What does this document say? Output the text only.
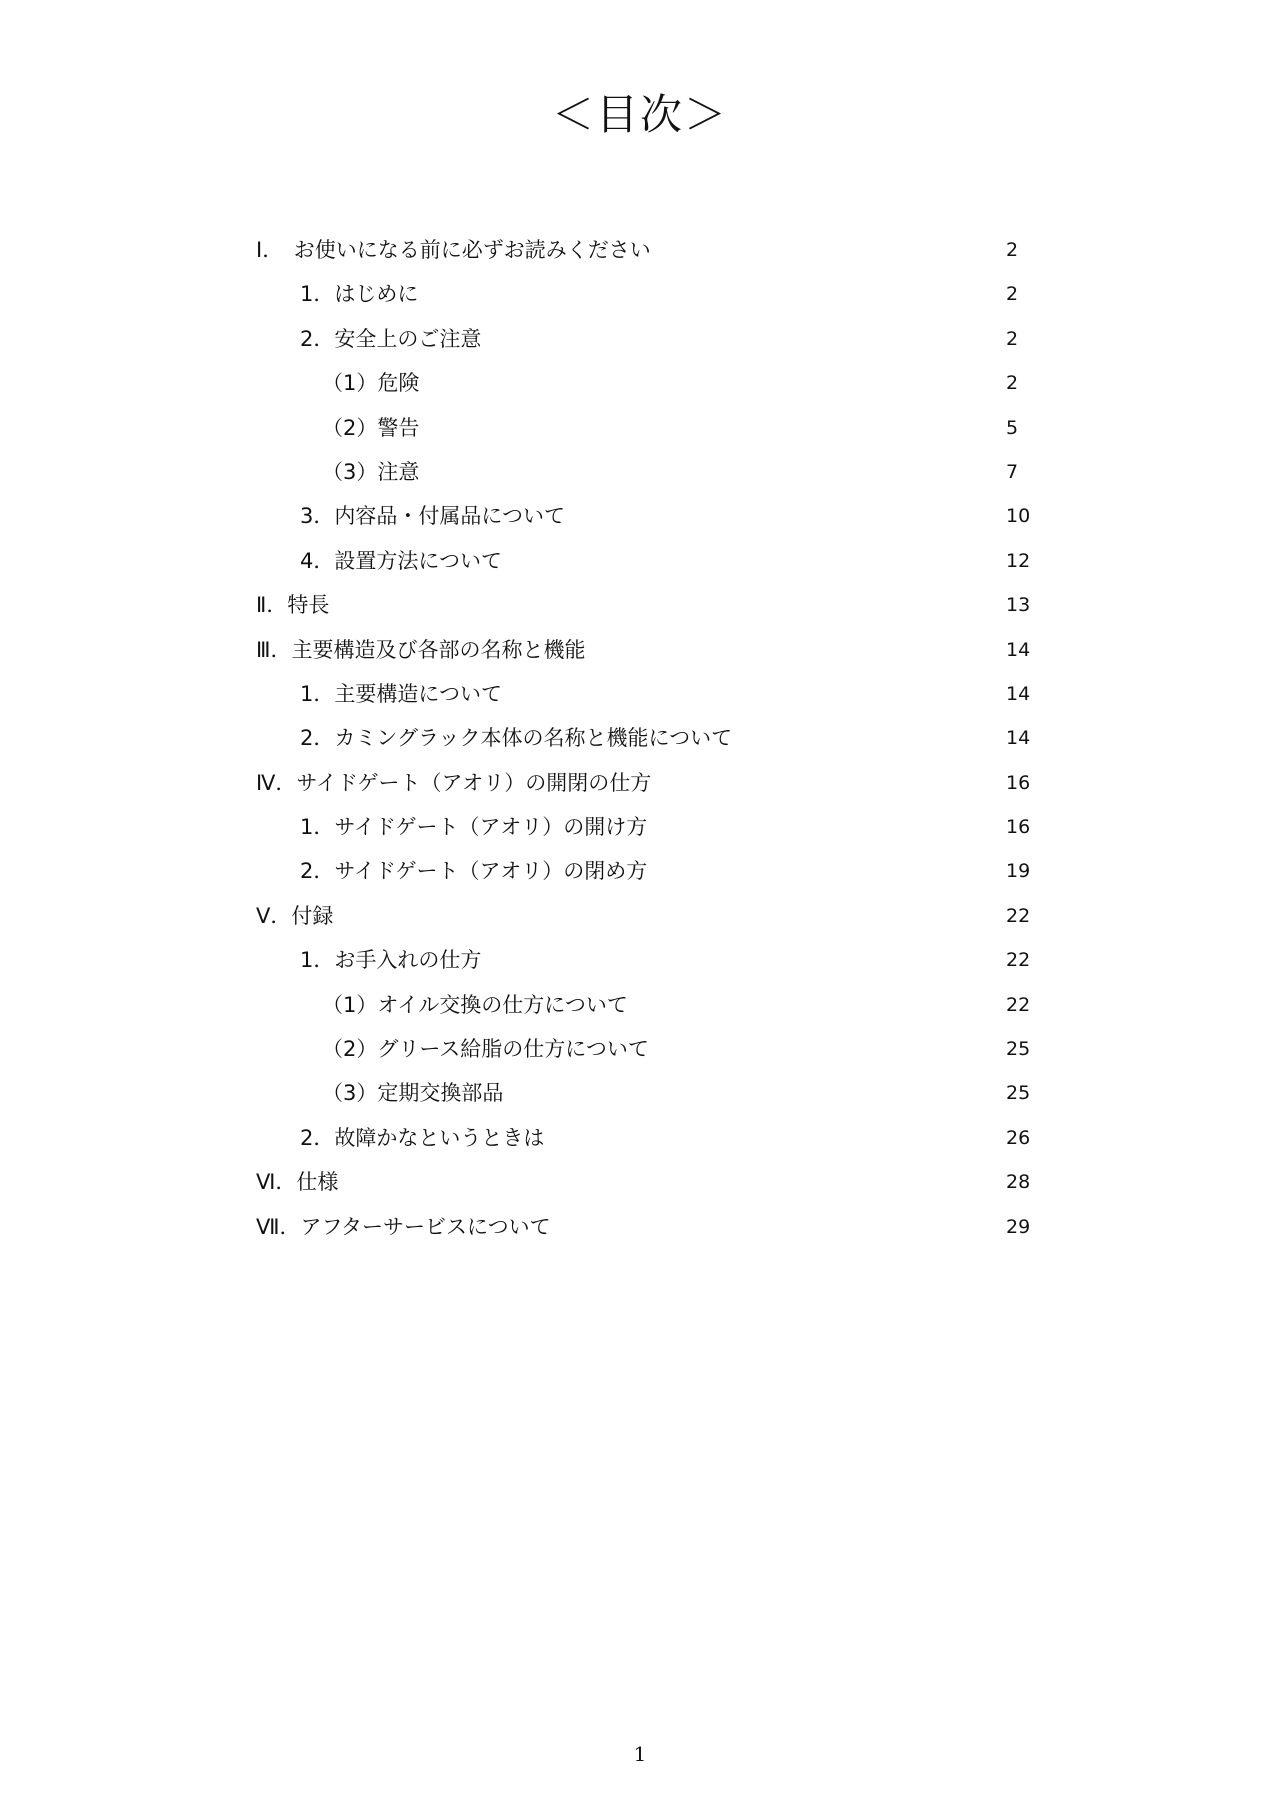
＜目次＞
Ⅰ．　お使いになる前に必ずお読みください	2
1．はじめに	2
2．安全上のご注意	2
（1）危険	2
（2）警告	5
（3）注意	7
3．内容品・付属品について	10
4．設置方法について	12
Ⅱ．特長	13
Ⅲ．主要構造及び各部の名称と機能	14
1．主要構造について	14
2．カミングラック本体の名称と機能について	14
Ⅳ．サイドゲート（アオリ）の開閉の仕方	16
1．サイドゲート（アオリ）の開け方	16
2．サイドゲート（アオリ）の閉め方	19
Ⅴ．付録	22
1．お手入れの仕方	22
（1）オイル交換の仕方について	22
（2）グリース給脂の仕方について	25
（3）定期交換部品	25
2．故障かなというときは	26
Ⅵ．仕様	28
Ⅶ．アフターサービスについて	29
1
